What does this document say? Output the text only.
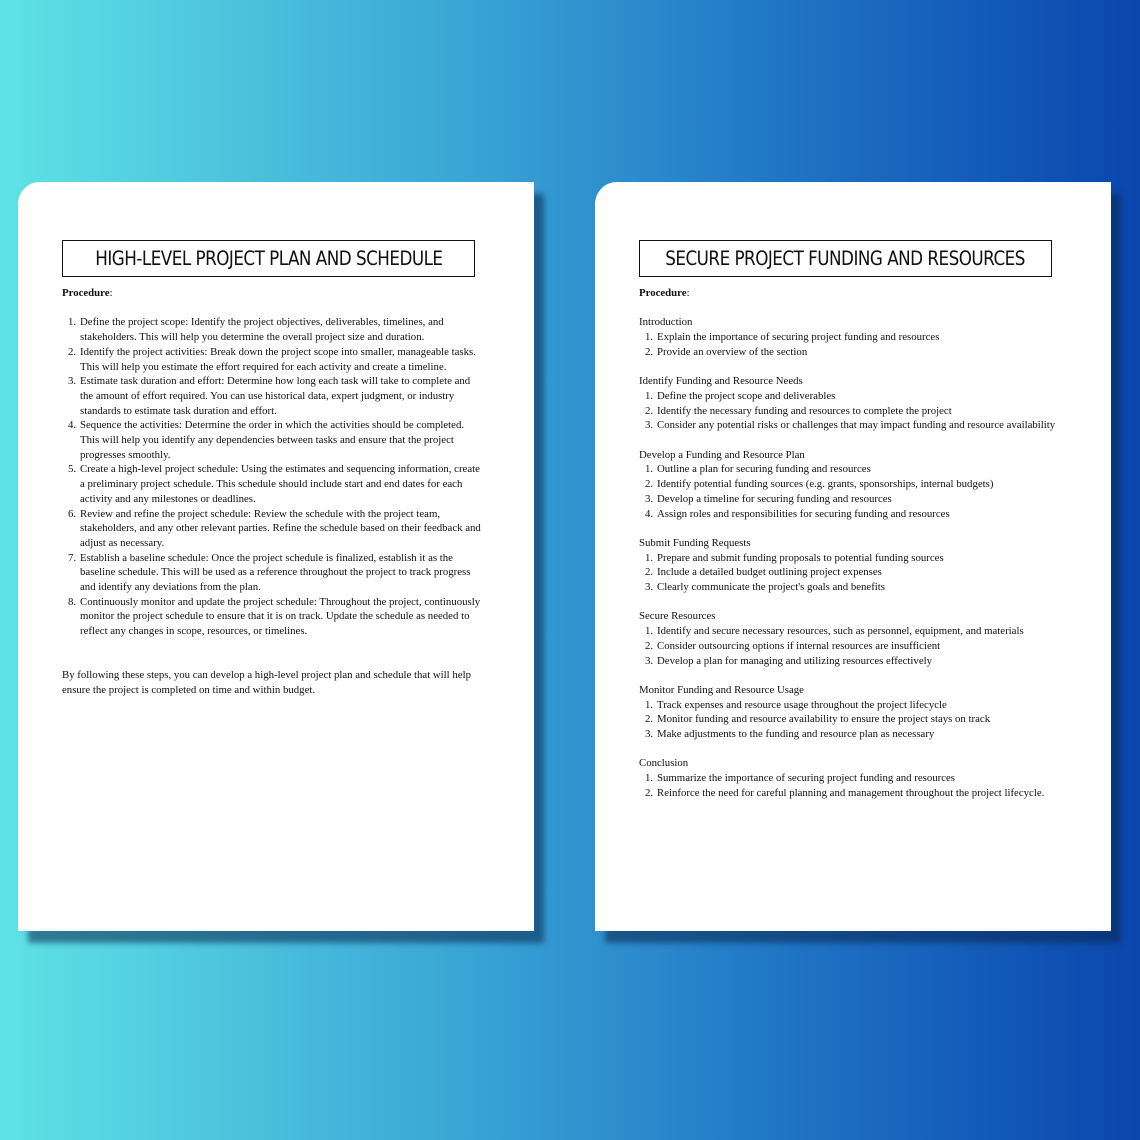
HIGH-LEVEL PROJECT PLAN AND SCHEDULE
Procedure:
1. Define the project scope: Identify the project objectives, deliverables, timelines, and stakeholders. This will help you determine the overall project size and duration.
2. Identify the project activities: Break down the project scope into smaller, manageable tasks. This will help you estimate the effort required for each activity and create a timeline.
3. Estimate task duration and effort: Determine how long each task will take to complete and the amount of effort required. You can use historical data, expert judgment, or industry standards to estimate task duration and effort.
4. Sequence the activities: Determine the order in which the activities should be completed. This will help you identify any dependencies between tasks and ensure that the project progresses smoothly.
5. Create a high-level project schedule: Using the estimates and sequencing information, create a preliminary project schedule. This schedule should include start and end dates for each activity and any milestones or deadlines.
6. Review and refine the project schedule: Review the schedule with the project team, stakeholders, and any other relevant parties. Refine the schedule based on their feedback and adjust as necessary.
7. Establish a baseline schedule: Once the project schedule is finalized, establish it as the baseline schedule. This will be used as a reference throughout the project to track progress and identify any deviations from the plan.
8. Continuously monitor and update the project schedule: Throughout the project, continuously monitor the project schedule to ensure that it is on track. Update the schedule as needed to reflect any changes in scope, resources, or timelines.
By following these steps, you can develop a high-level project plan and schedule that will help ensure the project is completed on time and within budget.
SECURE PROJECT FUNDING AND RESOURCES
Procedure:
Introduction
1. Explain the importance of securing project funding and resources
2. Provide an overview of the section
Identify Funding and Resource Needs
1. Define the project scope and deliverables
2. Identify the necessary funding and resources to complete the project
3. Consider any potential risks or challenges that may impact funding and resource availability
Develop a Funding and Resource Plan
1. Outline a plan for securing funding and resources
2. Identify potential funding sources (e.g. grants, sponsorships, internal budgets)
3. Develop a timeline for securing funding and resources
4. Assign roles and responsibilities for securing funding and resources
Submit Funding Requests
1. Prepare and submit funding proposals to potential funding sources
2. Include a detailed budget outlining project expenses
3. Clearly communicate the project's goals and benefits
Secure Resources
1. Identify and secure necessary resources, such as personnel, equipment, and materials
2. Consider outsourcing options if internal resources are insufficient
3. Develop a plan for managing and utilizing resources effectively
Monitor Funding and Resource Usage
1. Track expenses and resource usage throughout the project lifecycle
2. Monitor funding and resource availability to ensure the project stays on track
3. Make adjustments to the funding and resource plan as necessary
Conclusion
1. Summarize the importance of securing project funding and resources
2. Reinforce the need for careful planning and management throughout the project lifecycle.
